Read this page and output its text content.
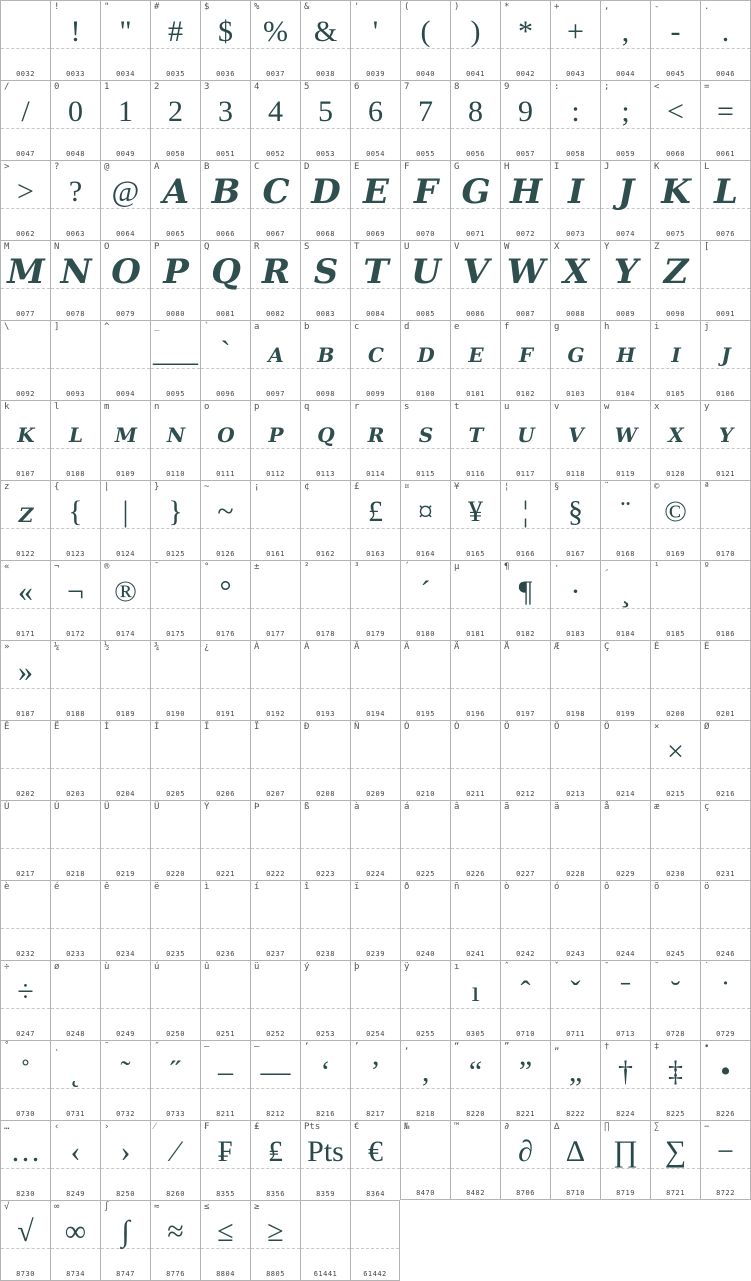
0032
!
!
0033
"
"
0034
#
#
0035
$
$
0036
%
%
0037
&
&
0038
'
'
0039
(
(
0040
)
)
0041
*
*
0042
+
+
0043
,
,
0044
-
-
0045
.
.
0046
/
/
0047
0
0
0048
1
1
0049
2
2
0050
3
3
0051
4
4
0052
5
5
0053
6
6
0054
7
7
0055
8
8
0056
9
9
0057
:
:
0058
;
;
0059
<
<
0060
=
=
0061
>
>
0062
?
?
0063
@
@
0064
A
A
0065
B
B
0066
C
C
0067
D
D
0068
E
E
0069
F
F
0070
G
G
0071
H
H
0072
I
I
0073
J
J
0074
K
K
0075
L
L
0076
M
M
0077
N
N
0078
O
O
0079
P
P
0080
Q
Q
0081
R
R
0082
S
S
0083
T
T
0084
U
U
0085
V
V
0086
W
W
0087
X
X
0088
Y
Y
0089
Z
Z
0090
[
0091
\
0092
]
0093
^
0094
_
___
0095
`
`
0096
a
A
0097
b
B
0098
c
C
0099
d
D
0100
e
E
0101
f
F
0102
g
G
0103
h
H
0104
i
I
0105
j
J
0106
k
K
0107
l
L
0108
m
M
0109
n
N
0110
o
O
0111
p
P
0112
q
Q
0113
r
R
0114
s
S
0115
t
T
0116
u
U
0117
v
V
0118
w
W
0119
x
X
0120
y
Y
0121
z
Z
0122
{
{
0123
|
|
0124
}
}
0125
~
~
0126
¡
0161
¢
0162
£
£
0163
¤
¤
0164
¥
¥
0165
¦
¦
0166
§
§
0167
¨
¨
0168
©
©
0169
ª
0170
«
«
0171
¬
¬
0172
®
®
0174
¯
0175
°
°
0176
±
0177
²
0178
³
0179
´
´
0180
µ
0181
¶
¶
0182
·
·
0183
¸
¸
0184
¹
0185
º
0186
»
»
0187
¼
0188
½
0189
¾
0190
¿
0191
À
0192
Á
0193
Â
0194
Ã
0195
Ä
0196
Å
0197
Æ
0198
Ç
0199
È
0200
É
0201
Ê
0202
Ë
0203
Ì
0204
Í
0205
Î
0206
Ï
0207
Ð
0208
Ñ
0209
Ò
0210
Ó
0211
Ô
0212
Õ
0213
Ö
0214
×
×
0215
Ø
0216
Ù
0217
Ú
0218
Û
0219
Ü
0220
Ý
0221
Þ
0222
ß
0223
à
0224
á
0225
â
0226
ã
0227
ä
0228
å
0229
æ
0230
ç
0231
è
0232
é
0233
ê
0234
ë
0235
ì
0236
í
0237
î
0238
ï
0239
ð
0240
ñ
0241
ò
0242
ó
0243
ô
0244
õ
0245
ö
0246
÷
÷
0247
ø
0248
ù
0249
ú
0250
û
0251
ü
0252
ý
0253
þ
0254
ÿ
0255
ı
ı
0305
ˆ
ˆ
0710
ˇ
ˇ
0711
ˉ
ˉ
0713
˘
˘
0728
˙
˙
0729
˚
˚
0730
˛
˛
0731
˜
˜
0732
˝
˝
0733
–
–
8211
—
—
8212
‘
‘
8216
’
’
8217
‚
‚
8218
“
“
8220
”
”
8221
„
„
8222
†
†
8224
‡
‡
8225
•
•
8226
…
…
8230
‹
‹
8249
›
›
8250
⁄
⁄
8260
₣
₣
8355
₤
₤
8356
Pts
Pts
8359
€
€
8364
№
8470
™
8482
∂
∂
8706
∆
∆
8710
∏
∏
8719
∑
∑
8721
−
−
8722
√
√
8730
∞
∞
8734
∫
∫
8747
≈
≈
8776
≤
≤
8804
≥
≥
8805	61441	61442
